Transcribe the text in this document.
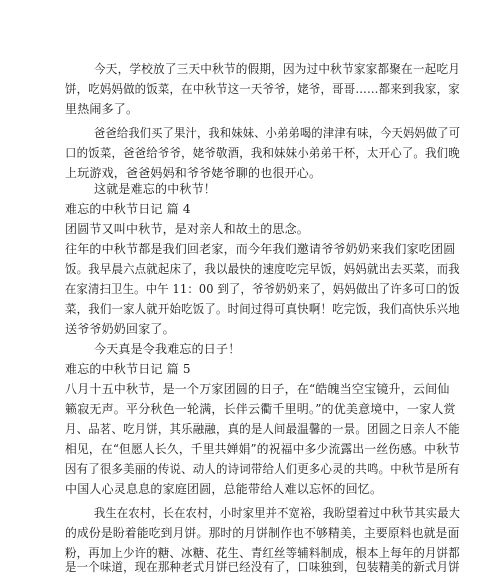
今天，学校放了三天中秋节的假期，因为过中秋节家家都聚在一起吃月
饼，吃妈妈做的饭菜，在中秋节这一天爷爷，姥爷，哥哥……都来到我家，家
里热闹多了。
爸爸给我们买了果汁，我和妹妹、小弟弟喝的津津有味，今天妈妈做了可
口的饭菜，爸爸给爷爷，姥爷敬酒，我和妹妹小弟弟干杯，太开心了。我们晚
上玩游戏，爸爸妈妈和爷爷姥爷聊的也很开心。
这就是难忘的中秋节！
难忘的中秋节日记 篇 4
团圆节又叫中秋节，是对亲人和故土的思念。
往年的中秋节都是我们回老家，而今年我们邀请爷爷奶奶来我们家吃团圆
饭。我早晨六点就起床了，我以最快的速度吃完早饭，妈妈就出去买菜，而我
在家清扫卫生。中午 11：00 到了，爷爷奶奶来了，妈妈做出了许多可口的饭
菜，我们一家人就开始吃饭了。时间过得可真快啊！吃完饭，我们高快乐兴地
送爷爷奶奶回家了。
今天真是令我难忘的日子！
难忘的中秋节日记 篇 5
八月十五中秋节，是一个万家团圆的日子，在“皓魄当空宝镜升，云间仙
籁寂无声。平分秋色一轮满，长伴云衢千里明。”的优美意境中，一家人赏
月、品茗、吃月饼，其乐融融，真的是人间最温馨的一景。团圆之日亲人不能
相见，在“但愿人长久，千里共婵娟”的祝福中多少流露出一丝伤感。中秋节
因有了很多美丽的传说、动人的诗词带给人们更多心灵的共鸣。中秋节是所有
中国人心灵息息的家庭团圆，总能带给人难以忘怀的回忆。
我生在农村，长在农村，小时家里并不宽裕，我盼望着过中秋节其实最大
的成份是盼着能吃到月饼。那时的月饼制作也不够精美，主要原料也就是面
粉，再加上少许的糖、冰糖、花生、青红丝等辅料制成，根本上每年的月饼都
是一个味道，现在那种老式月饼已经没有了，口味独到，包装精美的新式月饼
